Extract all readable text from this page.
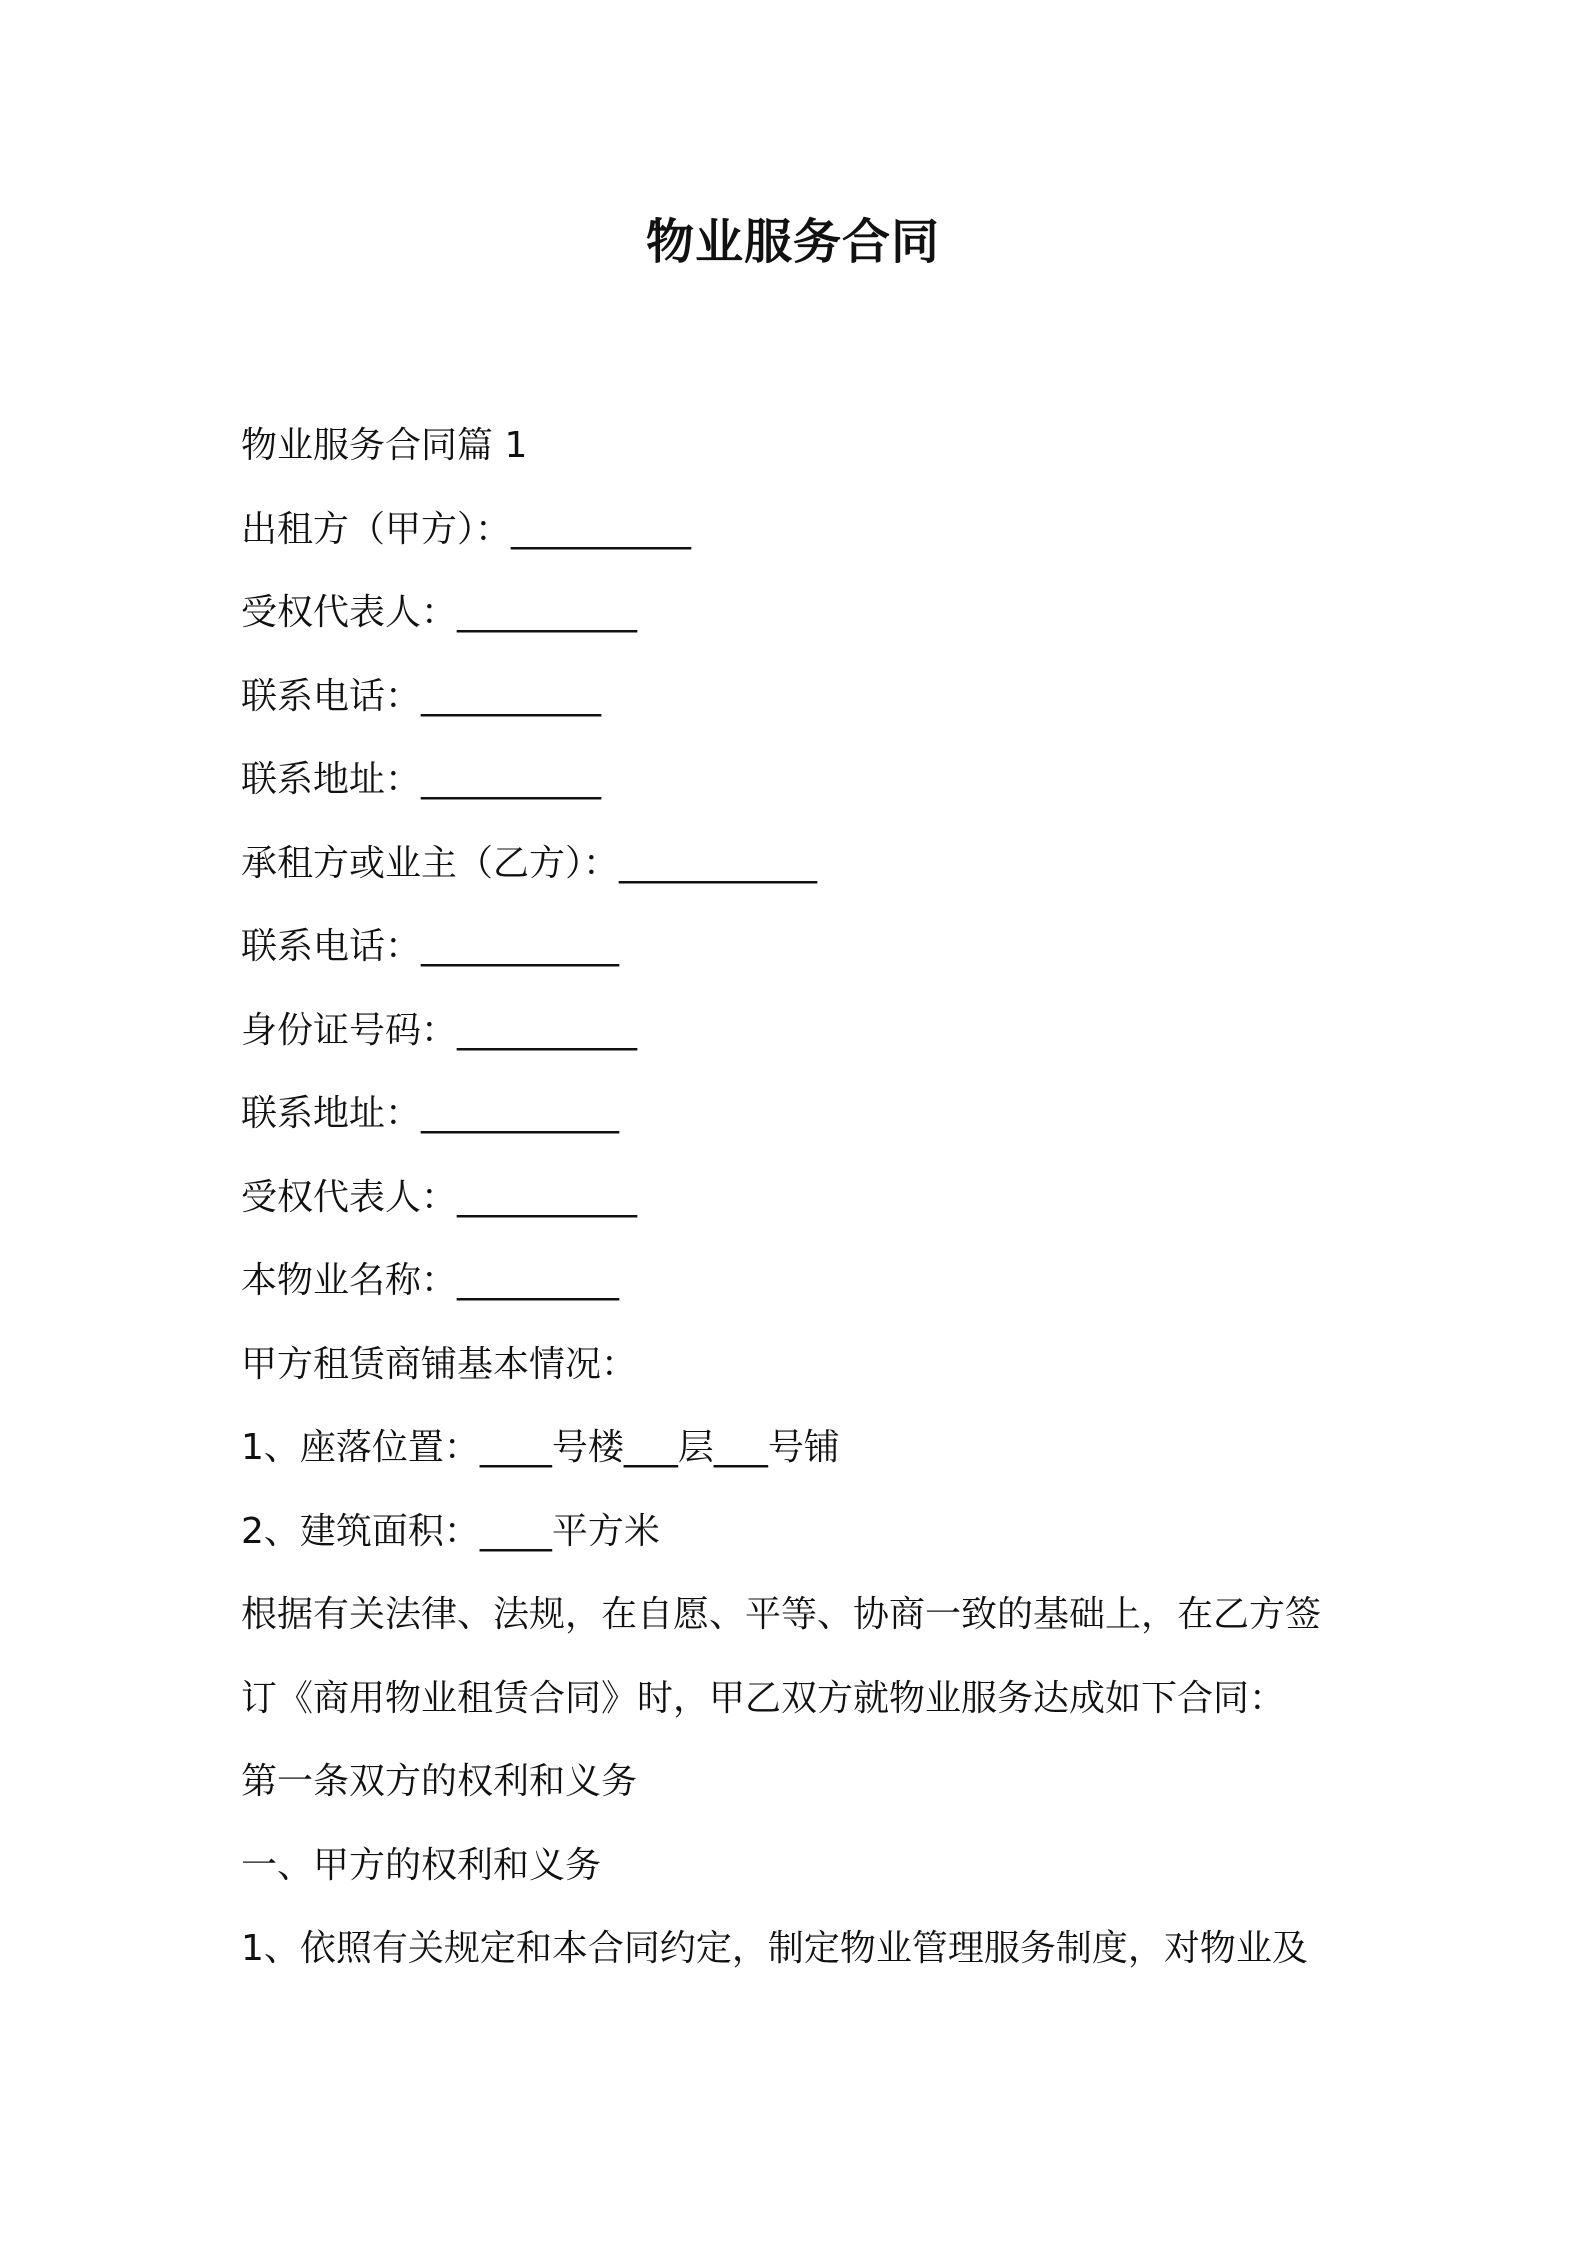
物业服务合同
物业服务合同篇 1
出租方（甲方）：__________
受权代表人：__________
联系电话：__________
联系地址：__________
承租方或业主（乙方）：___________
联系电话：___________
身份证号码：__________
联系地址：___________
受权代表人：__________
本物业名称：_________
甲方租赁商铺基本情况：
1、座落位置：____号楼___层___号铺
2、建筑面积：____平方米
根据有关法律、法规，在自愿、平等、协商一致的基础上，在乙方签
订《商用物业租赁合同》时，甲乙双方就物业服务达成如下合同：
第一条双方的权利和义务
一、甲方的权利和义务
1、依照有关规定和本合同约定，制定物业管理服务制度，对物业及
